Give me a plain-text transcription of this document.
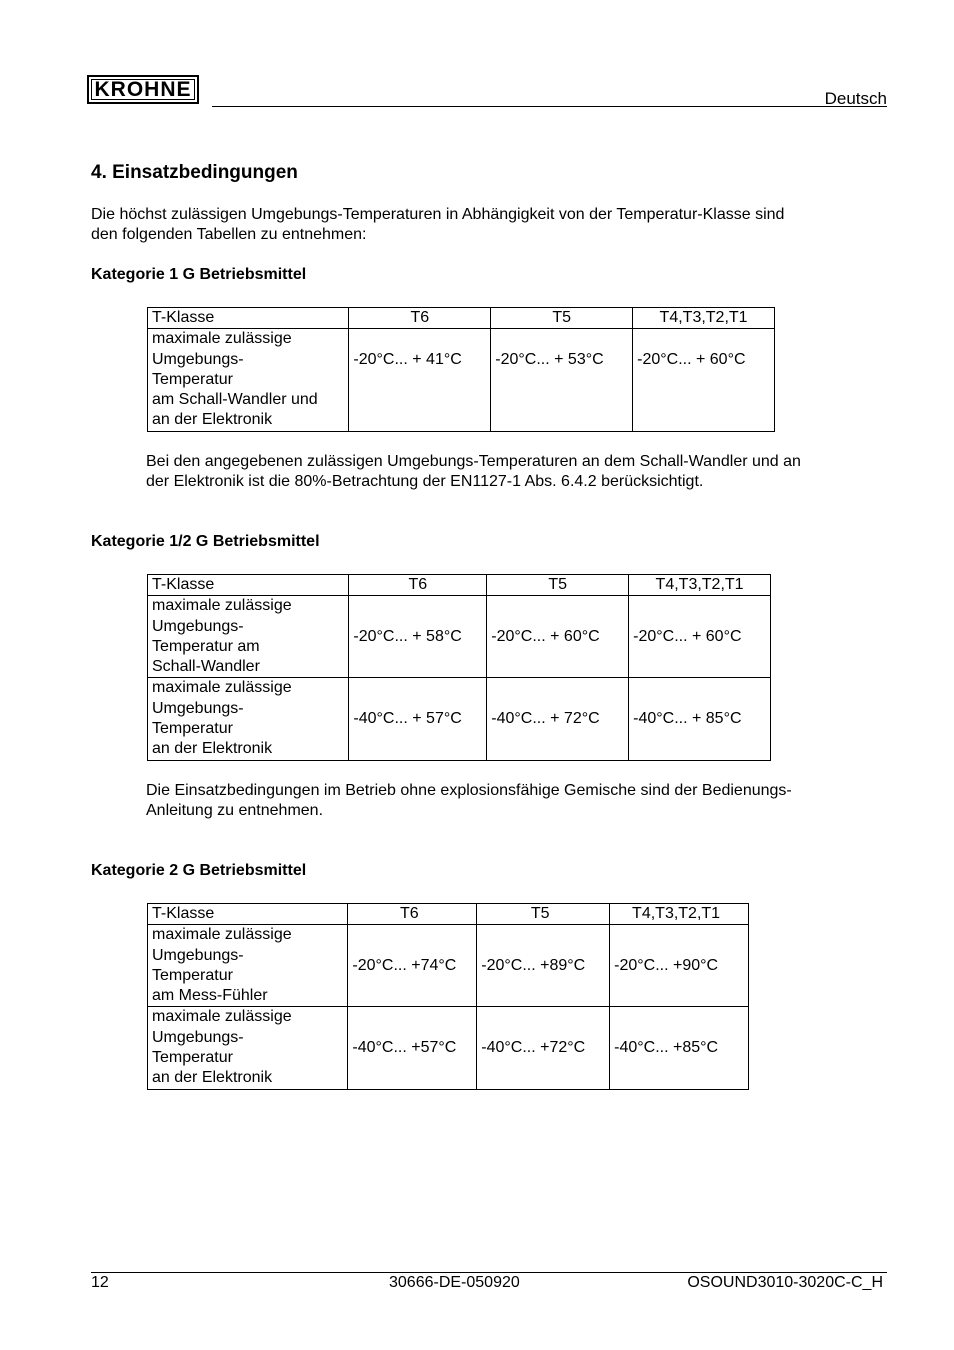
KROHNE	Deutsch
4. Einsatzbedingungen
Die höchst zulässigen Umgebungs-Temperaturen in Abhängigkeit von der Temperatur-Klasse sind
den folgenden Tabellen zu entnehmen:
Kategorie 1 G Betriebsmittel
T-Klasse	T6	T5	T4,T3,T2,T1

maximale zulässige
Umgebungs-
Temperatur
am Schall-Wandler und
an der Elektronik	-20°C... + 41°C	-20°C... + 53°C	-20°C... + 60°C
Bei den angegebenen zulässigen Umgebungs-Temperaturen an dem Schall-Wandler und an
der Elektronik ist die 80%-Betrachtung der EN1127-1 Abs. 6.4.2 berücksichtigt.
Kategorie 1/2 G Betriebsmittel
T-Klasse	T6	T5	T4,T3,T2,T1

maximale zulässige
Umgebungs-
Temperatur am
Schall-Wandler	-20°C... + 58°C	-20°C... + 60°C	-20°C... + 60°C

maximale zulässige
Umgebungs-
Temperatur
an der Elektronik	-40°C... + 57°C	-40°C... + 72°C	-40°C... + 85°C
Die Einsatzbedingungen im Betrieb ohne explosionsfähige Gemische sind der Bedienungs-
Anleitung zu entnehmen.
Kategorie 2 G Betriebsmittel
T-Klasse	T6	T5	T4,T3,T2,T1

maximale zulässige
Umgebungs-
Temperatur
am Mess-Fühler	-20°C... +74°C	-20°C... +89°C	-20°C... +90°C

maximale zulässige
Umgebungs-
Temperatur
an der Elektronik	-40°C... +57°C	-40°C... +72°C	-40°C... +85°C
12	30666-DE-050920	OSOUND3010-3020C-C_H
